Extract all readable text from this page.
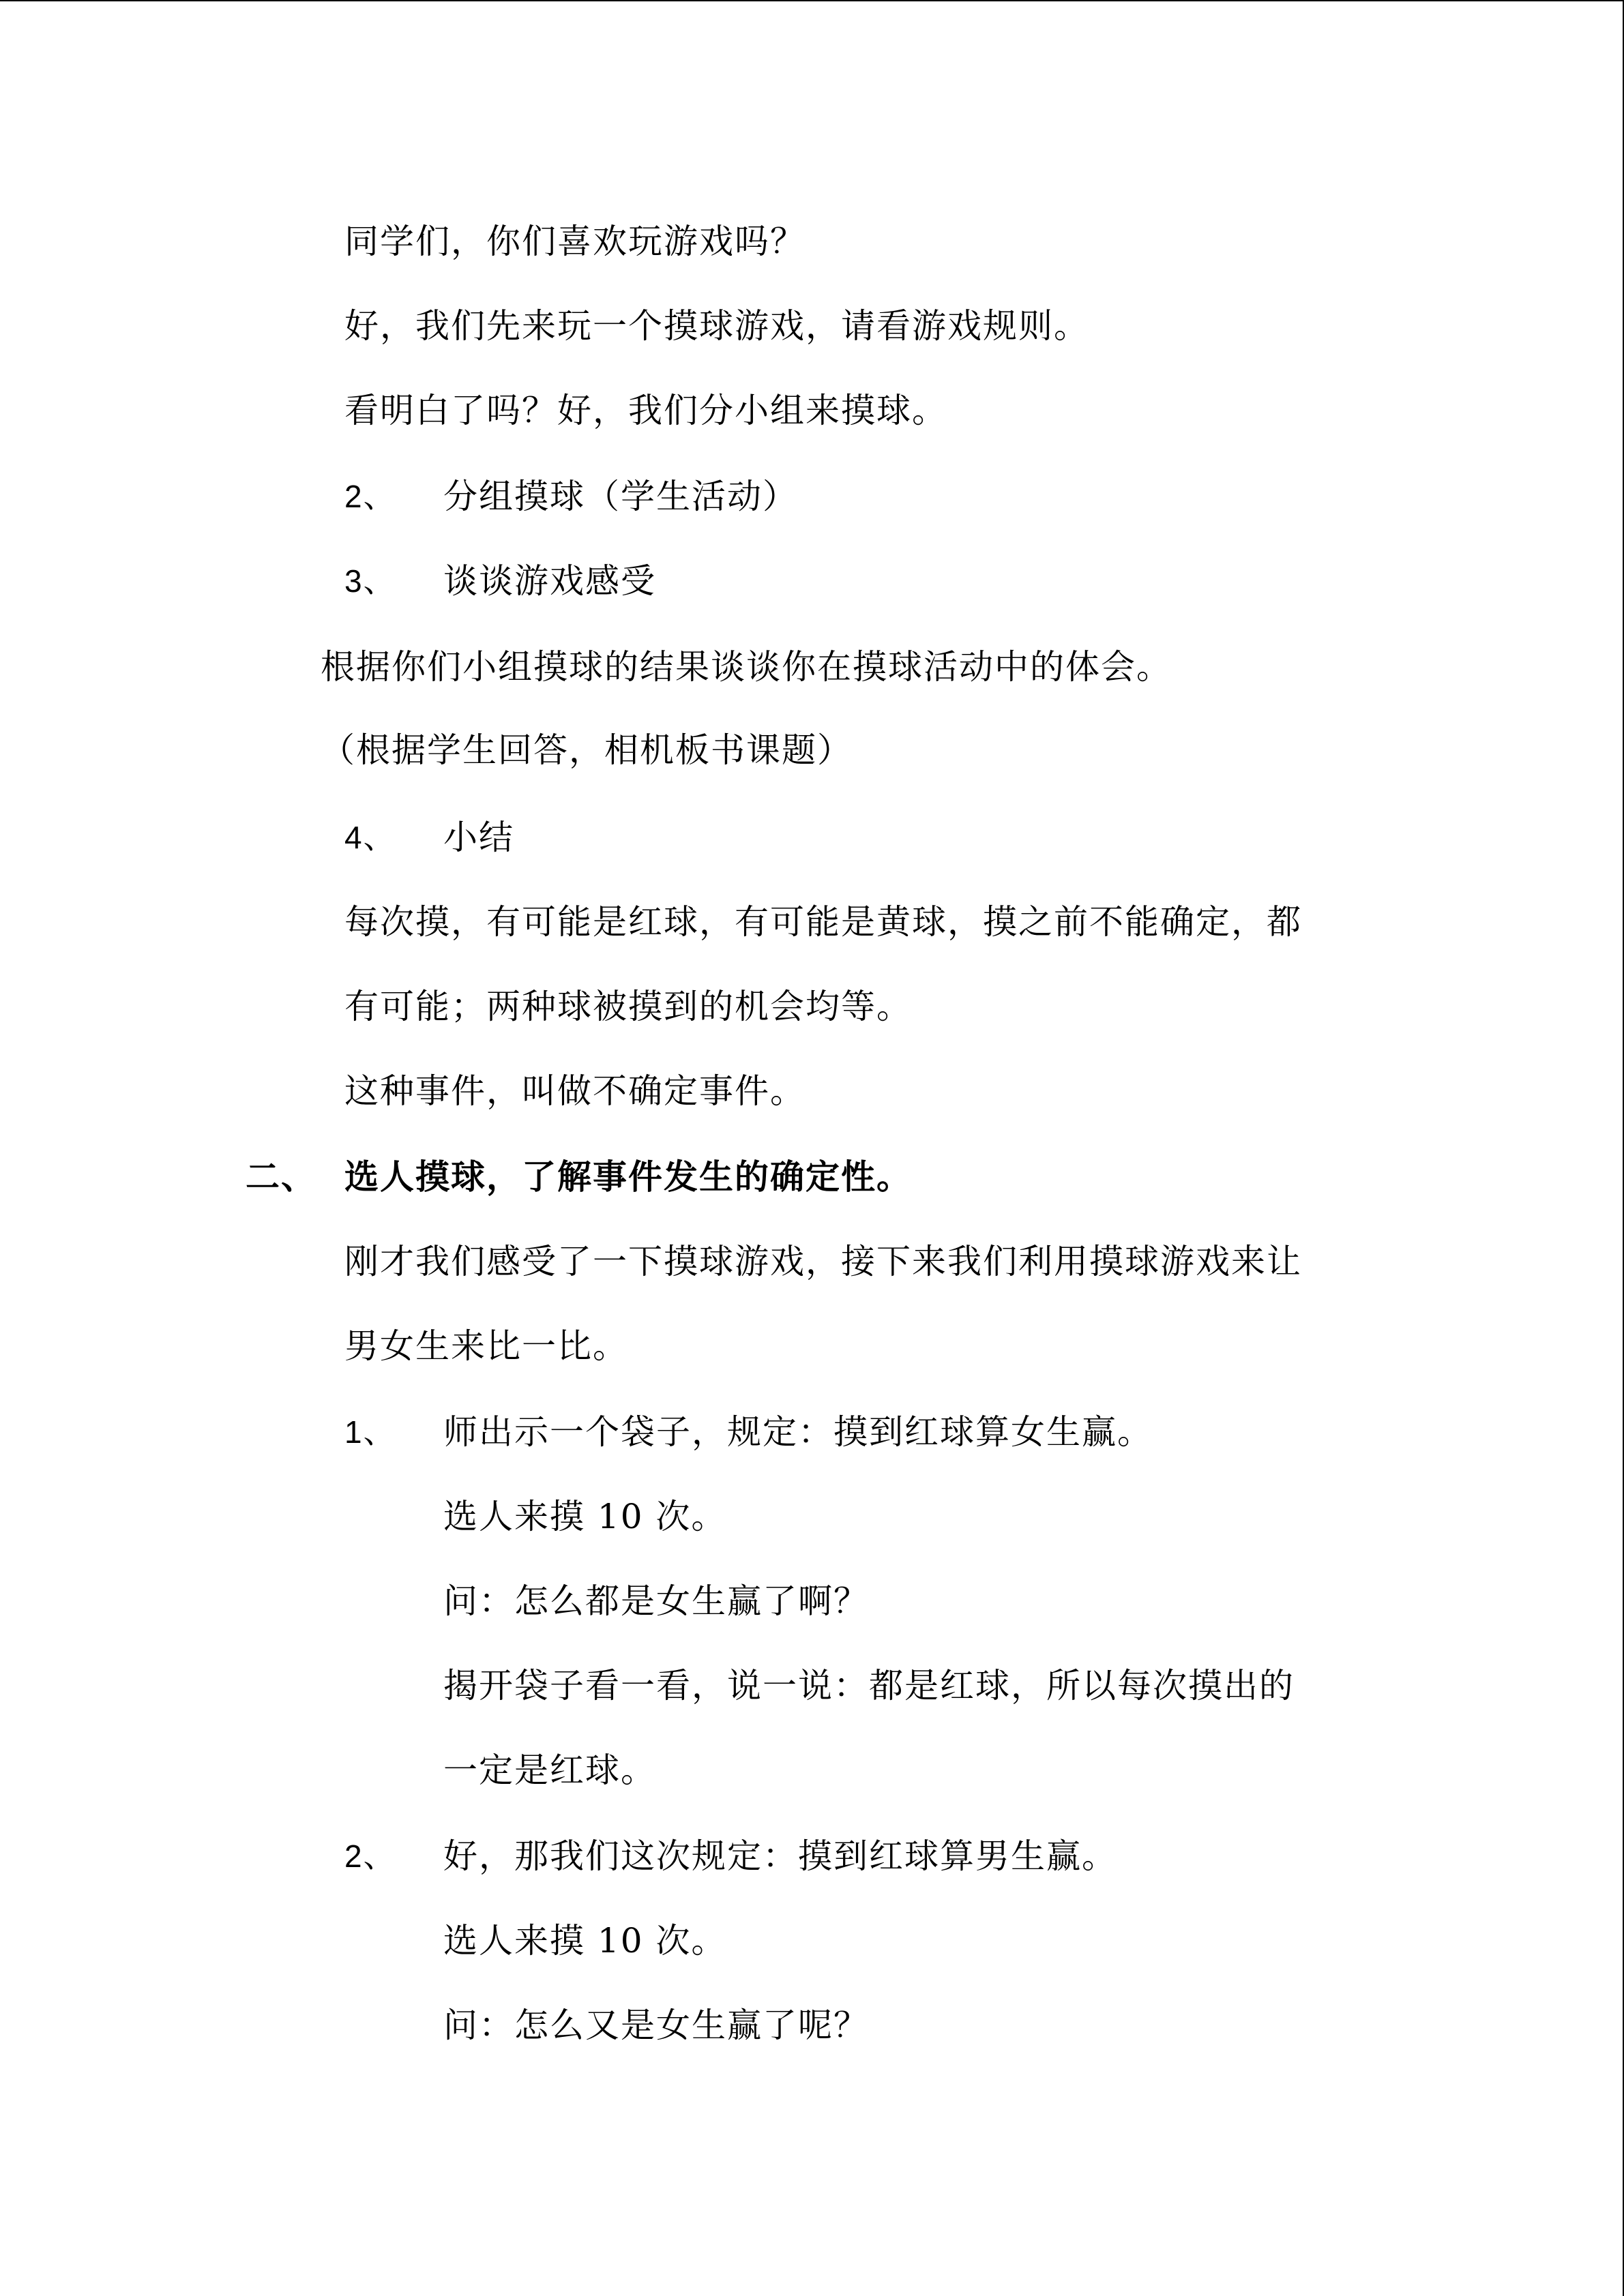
同学们，你们喜欢玩游戏吗？
好，我们先来玩一个摸球游戏，请看游戏规则。
看明白了吗？好，我们分小组来摸球。
2、 分组摸球（学生活动）
3、 谈谈游戏感受
根据你们小组摸球的结果谈谈你在摸球活动中的体会。
（根据学生回答，相机板书课题）
4、 小结
每次摸，有可能是红球，有可能是黄球，摸之前不能确定，都
有可能；两种球被摸到的机会均等。
这种事件，叫做不确定事件。
二、 选人摸球，了解事件发生的确定性。
刚才我们感受了一下摸球游戏，接下来我们利用摸球游戏来让
男女生来比一比。
1、 师出示一个袋子，规定：摸到红球算女生赢。
选人来摸 10 次。
问：怎么都是女生赢了啊？
揭开袋子看一看，说一说：都是红球，所以每次摸出的
一定是红球。
2、 好，那我们这次规定：摸到红球算男生赢。
选人来摸 10 次。
问：怎么又是女生赢了呢？
